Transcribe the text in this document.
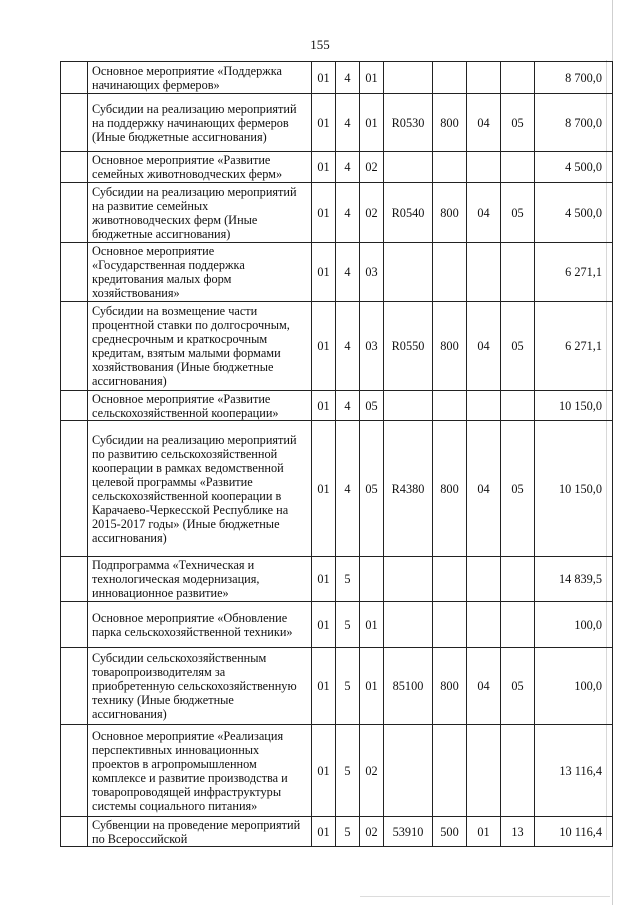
155
	Основное мероприятие «Поддержка начинающих фермеров»	01	4	01					8 700,0
	Субсидии на реализацию мероприятий на поддержку начинающих фермеров (Иные бюджетные ассигнования)	01	4	01	R0530	800	04	05	8 700,0
	Основное мероприятие «Развитие семейных животноводческих ферм»	01	4	02					4 500,0
	Субсидии на реализацию мероприятий на развитие семейных животноводческих ферм (Иные бюджетные ассигнования)	01	4	02	R0540	800	04	05	4 500,0
	Основное мероприятие «Государственная поддержка кредитования малых форм хозяйствования»	01	4	03					6 271,1
	Субсидии на возмещение части процентной ставки по долгосрочным, среднесрочным и краткосрочным кредитам, взятым малыми формами хозяйствования (Иные бюджетные ассигнования)	01	4	03	R0550	800	04	05	6 271,1
	Основное мероприятие «Развитие сельскохозяйственной кооперации»	01	4	05					10 150,0
	Субсидии на реализацию мероприятий по развитию сельскохозяйственной кооперации в рамках ведомственной целевой программы «Развитие сельскохозяйственной кооперации в Карачаево-Черкесской Республике на 2015-2017 годы» (Иные бюджетные ассигнования)	01	4	05	R4380	800	04	05	10 150,0
	Подпрограмма «Техническая и технологическая модернизация, инновационное развитие»	01	5						14 839,5
	Основное мероприятие «Обновление парка сельскохозяйственной техники»	01	5	01					100,0
	Субсидии сельскохозяйственным товаропроизводителям за приобретенную сельскохозяйственную технику (Иные бюджетные ассигнования)	01	5	01	85100	800	04	05	100,0
	Основное мероприятие «Реализация перспективных инновационных проектов в агропромышленном комплексе и развитие производства и товаропроводящей инфраструктуры системы социального питания»	01	5	02					13 116,4
	Субвенции на проведение мероприятий по Всероссийской	01	5	02	53910	500	01	13	10 116,4
